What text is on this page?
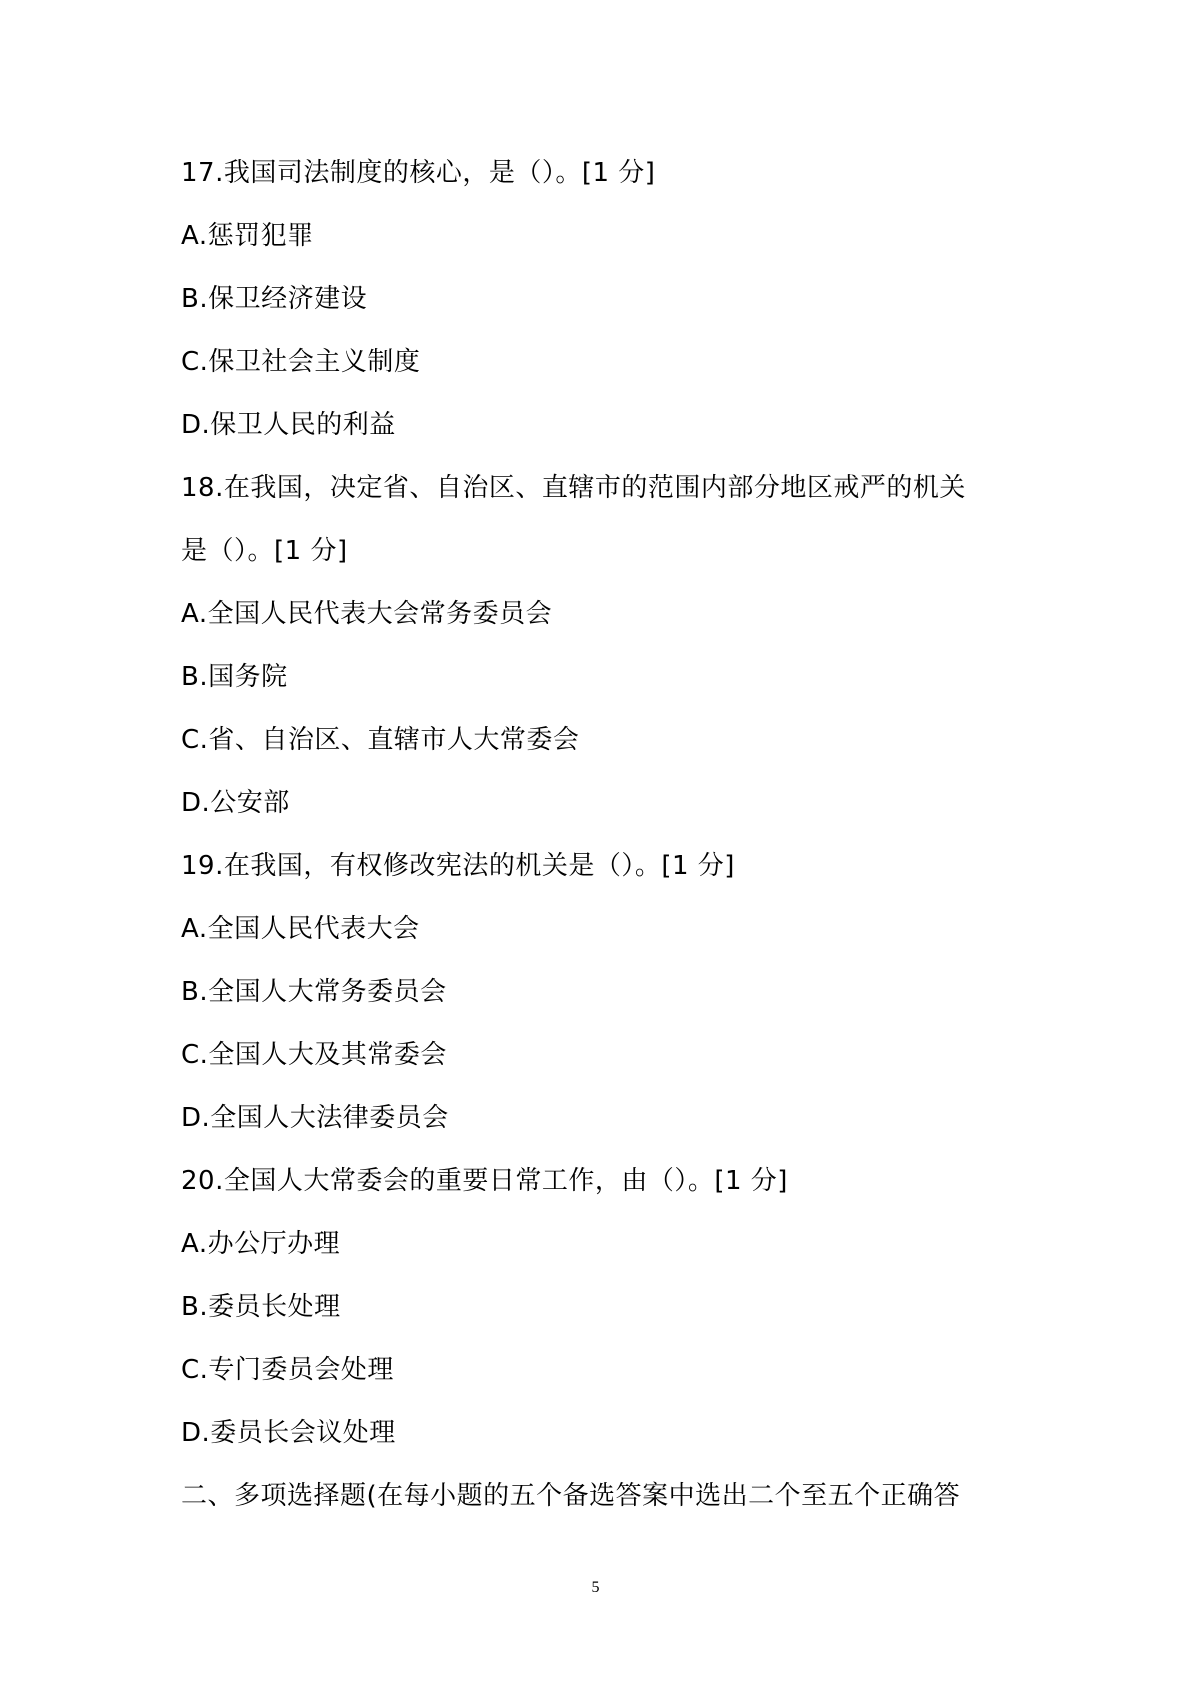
17.我国司法制度的核心，是（）。[1 分]
A.惩罚犯罪
B.保卫经济建设
C.保卫社会主义制度
D.保卫人民的利益
18.在我国，决定省、自治区、直辖市的范围内部分地区戒严的机关
是（）。[1 分]
A.全国人民代表大会常务委员会
B.国务院
C.省、自治区、直辖市人大常委会
D.公安部
19.在我国，有权修改宪法的机关是（）。[1 分]
A.全国人民代表大会
B.全国人大常务委员会
C.全国人大及其常委会
D.全国人大法律委员会
20.全国人大常委会的重要日常工作，由（）。[1 分]
A.办公厅办理
B.委员长处理
C.专门委员会处理
D.委员长会议处理
二、多项选择题(在每小题的五个备选答案中选出二个至五个正确答
5
